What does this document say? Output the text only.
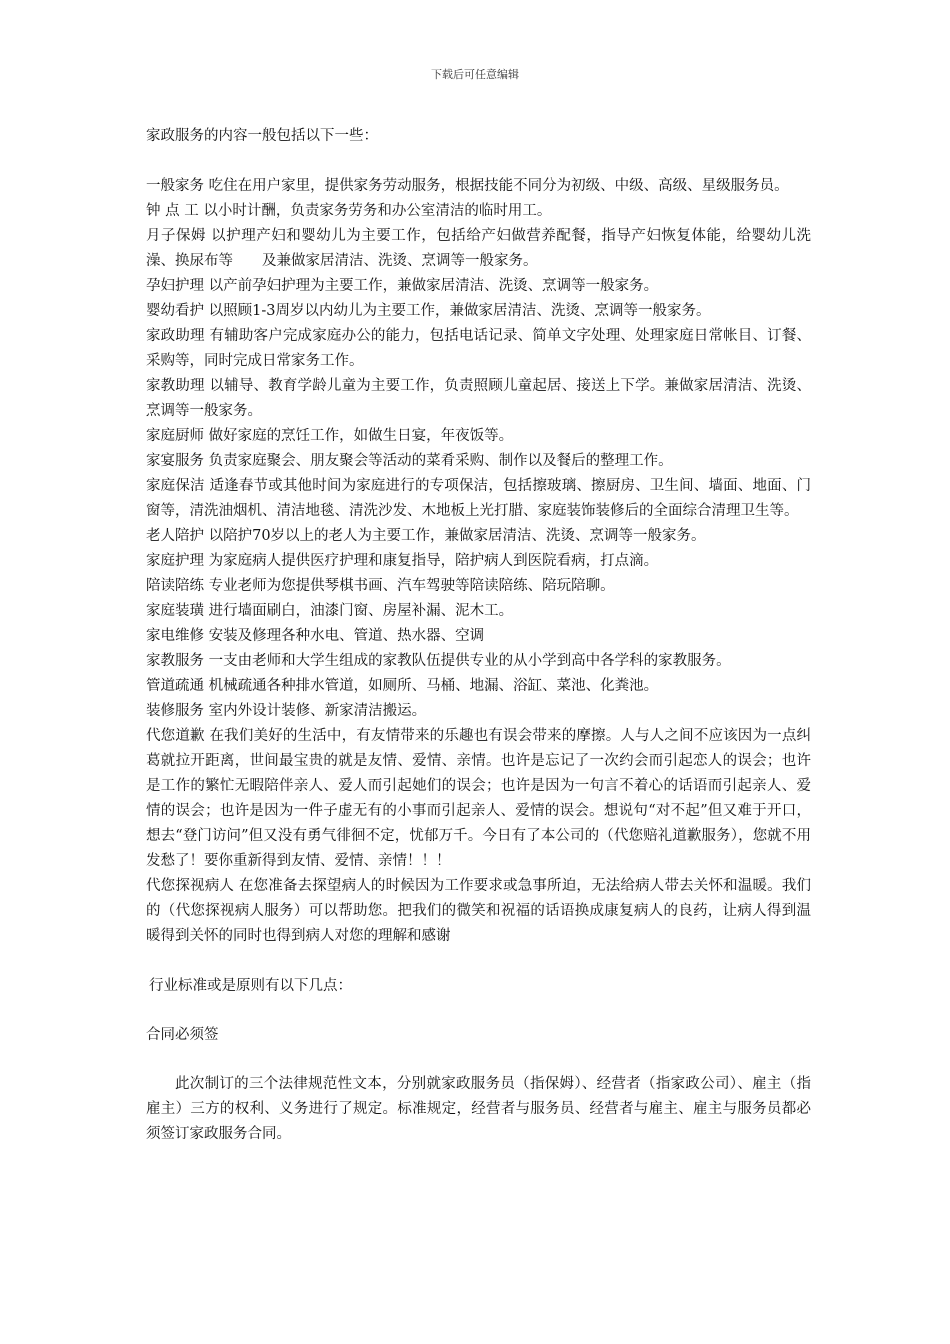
下载后可任意编辑

家政服务的内容一般包括以下一些：

一般家务 吃住在用户家里，提供家务劳动服务，根据技能不同分为初级、中级、高级、星级服务员。

钟 点 工 以小时计酬，负责家务劳务和办公室清洁的临时用工。

月子保姆 以护理产妇和婴幼儿为主要工作，包括给产妇做营养配餐，指导产妇恢复体能，给婴幼儿洗澡、换尿布等　　及兼做家居清洁、洗烫、烹调等一般家务。

孕妇护理 以产前孕妇护理为主要工作，兼做家居清洁、洗烫、烹调等一般家务。

婴幼看护 以照顾1-3周岁以内幼儿为主要工作，兼做家居清洁、洗烫、烹调等一般家务。

家政助理 有辅助客户完成家庭办公的能力，包括电话记录、简单文字处理、处理家庭日常帐目、订餐、采购等，同时完成日常家务工作。

家教助理 以辅导、教育学龄儿童为主要工作，负责照顾儿童起居、接送上下学。兼做家居清洁、洗烫、烹调等一般家务。

家庭厨师 做好家庭的烹饪工作，如做生日宴，年夜饭等。

家宴服务 负责家庭聚会、朋友聚会等活动的菜肴采购、制作以及餐后的整理工作。

家庭保洁 适逢春节或其他时间为家庭进行的专项保洁，包括擦玻璃、擦厨房、卫生间、墙面、地面、门窗等，清洗油烟机、清洁地毯、清洗沙发、木地板上光打腊、家庭装饰装修后的全面综合清理卫生等。

老人陪护 以陪护70岁以上的老人为主要工作，兼做家居清洁、洗烫、烹调等一般家务。

家庭护理 为家庭病人提供医疗护理和康复指导，陪护病人到医院看病，打点滴。

陪读陪练 专业老师为您提供琴棋书画、汽车驾驶等陪读陪练、陪玩陪聊。

家庭装璜 进行墙面刷白，油漆门窗、房屋补漏、泥木工。

家电维修 安装及修理各种水电、管道、热水器、空调

家教服务 一支由老师和大学生组成的家教队伍提供专业的从小学到高中各学科的家教服务。

管道疏通 机械疏通各种排水管道，如厕所、马桶、地漏、浴缸、菜池、化粪池。

装修服务 室内外设计装修、新家清洁搬运。

代您道歉 在我们美好的生活中，有友情带来的乐趣也有误会带来的摩擦。人与人之间不应该因为一点纠葛就拉开距离，世间最宝贵的就是友情、爱情、亲情。也许是忘记了一次约会而引起恋人的误会；也许是工作的繁忙无暇陪伴亲人、爱人而引起她们的误会；也许是因为一句言不着心的话语而引起亲人、爱情的误会；也许是因为一件子虚无有的小事而引起亲人、爱情的误会。想说句“对不起”但又难于开口，想去“登门访问”但又没有勇气徘徊不定，忧郁万千。今日有了本公司的（代您赔礼道歉服务），您就不用发愁了！要你重新得到友情、爱情、亲情！！！

代您探视病人 在您准备去探望病人的时候因为工作要求或急事所迫，无法给病人带去关怀和温暖。我们的（代您探视病人服务）可以帮助您。把我们的微笑和祝福的话语换成康复病人的良药，让病人得到温暖得到关怀的同时也得到病人对您的理解和感谢

行业标准或是原则有以下几点：

合同必须签

此次制订的三个法律规范性文本，分别就家政服务员（指保姆）、经营者（指家政公司）、雇主（指雇主）三方的权利、义务进行了规定。标准规定，经营者与服务员、经营者与雇主、雇主与服务员都必须签订家政服务合同。
